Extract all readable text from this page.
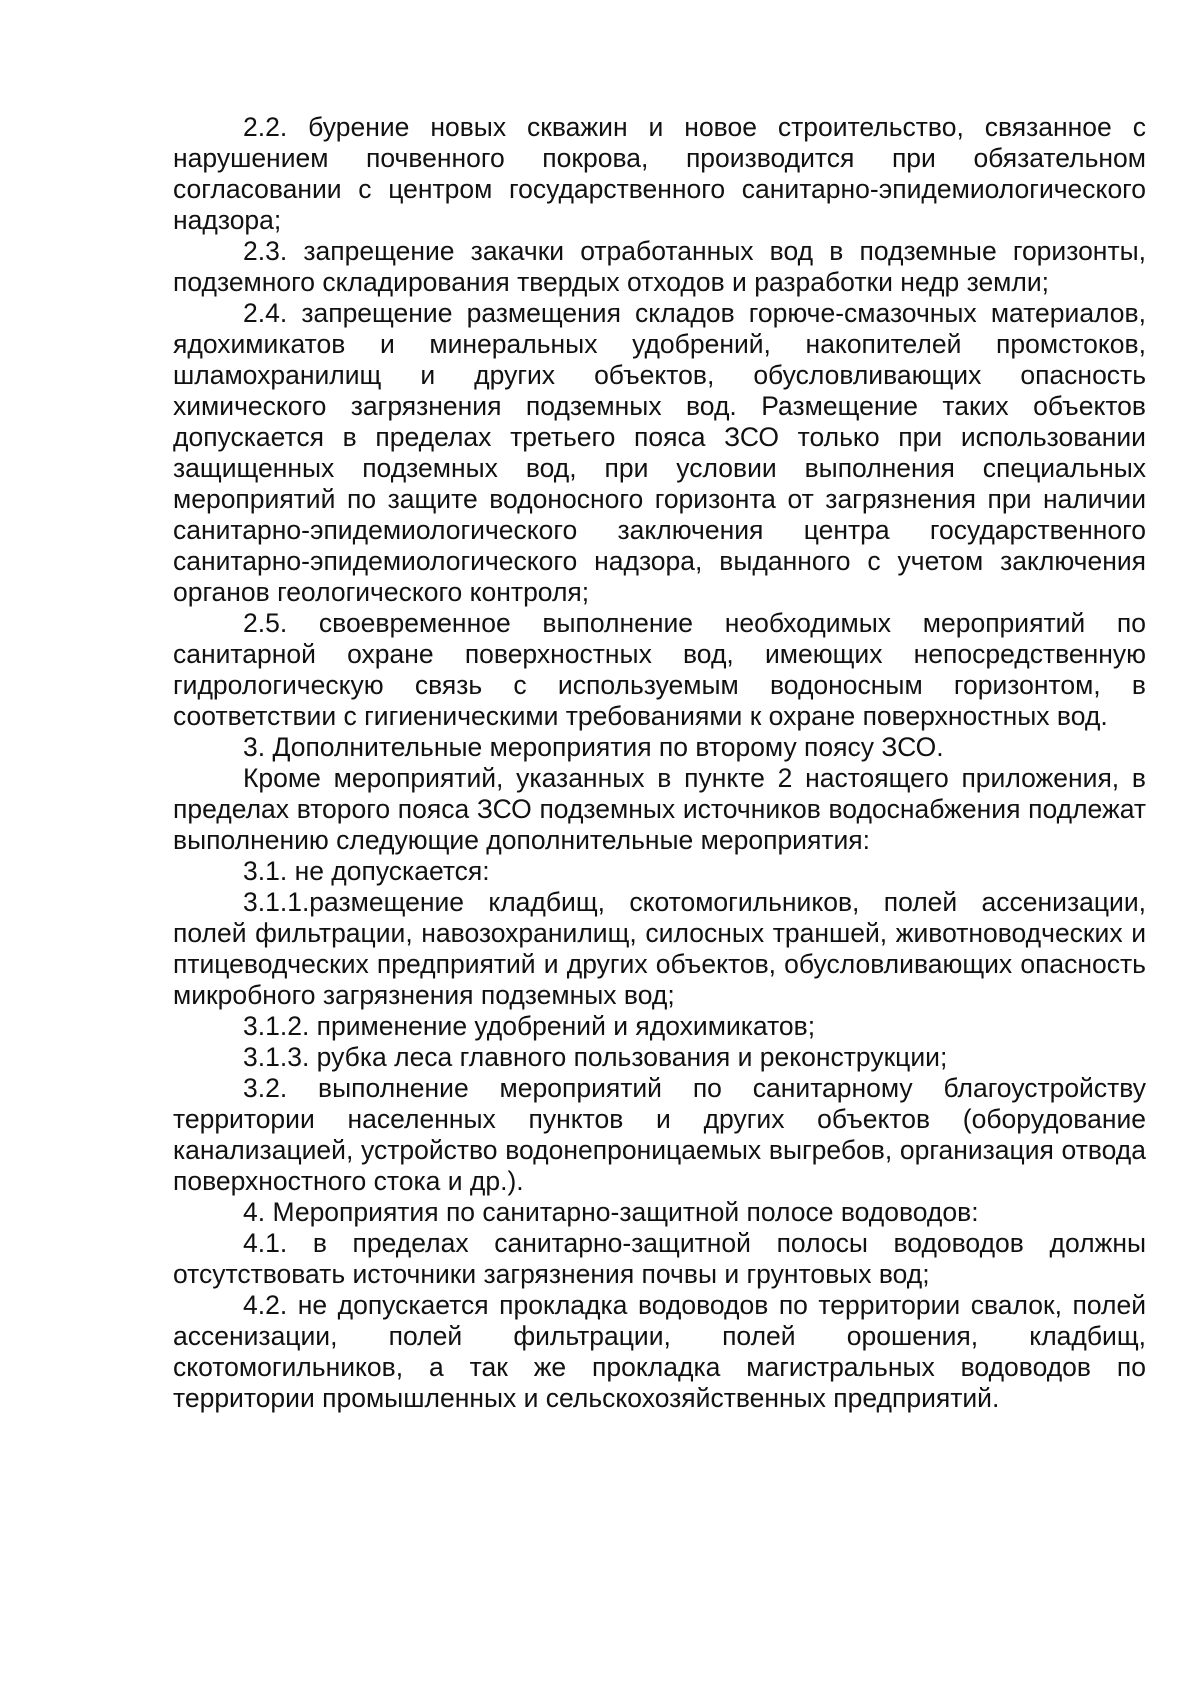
2.2. бурение новых скважин и новое строительство, связанное с нарушением почвенного покрова, производится при обязательном согласовании с центром государственного санитарно-эпидемиологического надзора;

2.3. запрещение закачки отработанных вод в подземные горизонты, подземного складирования твердых отходов и разработки недр земли;

2.4. запрещение размещения складов горюче-смазочных материалов, ядохимикатов и минеральных удобрений, накопителей промстоков, шламохранилищ и других объектов, обусловливающих опасность химического загрязнения подземных вод. Размещение таких объектов допускается в пределах третьего пояса ЗСО только при использовании защищенных подземных вод, при условии выполнения специальных мероприятий по защите водоносного горизонта от загрязнения при наличии санитарно-эпидемиологического заключения центра государственного санитарно-эпидемиологического надзора, выданного с учетом заключения органов геологического контроля;

2.5. своевременное выполнение необходимых мероприятий по санитарной охране поверхностных вод, имеющих непосредственную гидрологическую связь с используемым водоносным горизонтом, в соответствии с гигиеническими требованиями к охране поверхностных вод.

3. Дополнительные мероприятия по второму поясу ЗСО.

Кроме мероприятий, указанных в пункте 2 настоящего приложения, в пределах второго пояса ЗСО подземных источников водоснабжения подлежат выполнению следующие дополнительные мероприятия:

3.1. не допускается:

3.1.1.размещение кладбищ, скотомогильников, полей ассенизации, полей фильтрации, навозохранилищ, силосных траншей, животноводческих и птицеводческих предприятий и других объектов, обусловливающих опасность микробного загрязнения подземных вод;

3.1.2. применение удобрений и ядохимикатов;

3.1.3. рубка леса главного пользования и реконструкции;

3.2. выполнение мероприятий по санитарному благоустройству территории населенных пунктов и других объектов (оборудование канализацией, устройство водонепроницаемых выгребов, организация отвода поверхностного стока и др.).

4. Мероприятия по санитарно-защитной полосе водоводов:

4.1. в пределах санитарно-защитной полосы водоводов должны отсутствовать источники загрязнения почвы и грунтовых вод;

4.2. не допускается прокладка водоводов по территории свалок, полей ассенизации, полей фильтрации, полей орошения, кладбищ, скотомогильников, а так же прокладка магистральных водоводов по территории промышленных и сельскохозяйственных предприятий.
